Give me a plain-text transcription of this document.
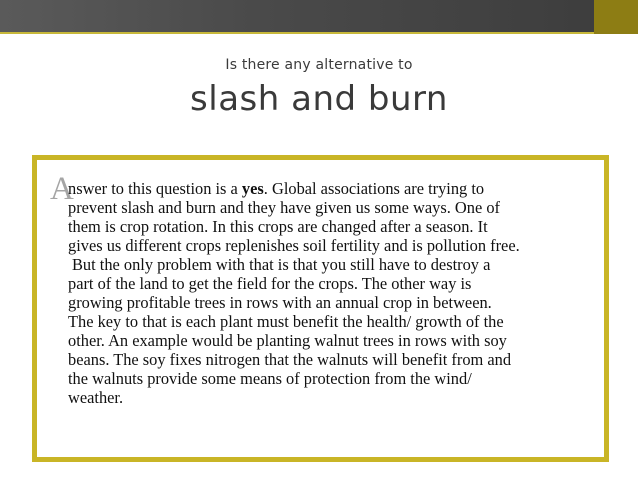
Is there any alternative to
slash and burn
A
nswer to this question is a yes. Global associations are trying to
prevent slash and burn and they have given us some ways. One of
them is crop rotation. In this crops are changed after a season. It
gives us different crops replenishes soil fertility and is pollution free.
But the only problem with that is that you still have to destroy a
part of the land to get the field for the crops. The other way is
growing profitable trees in rows with an annual crop in between.
The key to that is each plant must benefit the health/ growth of the
other. An example would be planting walnut trees in rows with soy
beans. The soy fixes nitrogen that the walnuts will benefit from and
the walnuts provide some means of protection from the wind/
weather.
